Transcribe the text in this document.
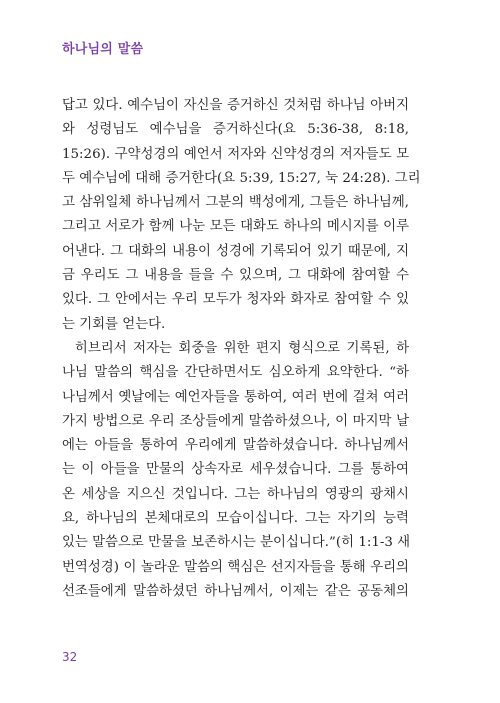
하나님의 말씀
답고 있다. 예수님이 자신을 증거하신 것처럼 하나님 아버지
와 성령님도 예수님을 증거하신다(요 5:36-38, 8:18,
15:26). 구약성경의 예언서 저자와 신약성경의 저자들도 모
두 예수님에 대해 증거한다(요 5:39, 15:27, 눅 24:28). 그리
고 삼위일체 하나님께서 그분의 백성에게, 그들은 하나님께,
그리고 서로가 함께 나눈 모든 대화도 하나의 메시지를 이루
어낸다. 그 대화의 내용이 성경에 기록되어 있기 때문에, 지
금 우리도 그 내용을 들을 수 있으며, 그 대화에 참여할 수
있다. 그 안에서는 우리 모두가 청자와 화자로 참여할 수 있
는 기회를 얻는다.
히브리서 저자는 회중을 위한 편지 형식으로 기록된, 하
나님 말씀의 핵심을 간단하면서도 심오하게 요약한다. “하
나님께서 옛날에는 예언자들을 통하여, 여러 번에 걸쳐 여러
가지 방법으로 우리 조상들에게 말씀하셨으나, 이 마지막 날
에는 아들을 통하여 우리에게 말씀하셨습니다. 하나님께서
는 이 아들을 만물의 상속자로 세우셨습니다. 그를 통하여
온 세상을 지으신 것입니다. 그는 하나님의 영광의 광채시
요, 하나님의 본체대로의 모습이십니다. 그는 자기의 능력
있는 말씀으로 만물을 보존하시는 분이십니다.”(히 1:1-3 새
번역성경) 이 놀라운 말씀의 핵심은 선지자들을 통해 우리의
선조들에게 말씀하셨던 하나님께서, 이제는 같은 공동체의
32
